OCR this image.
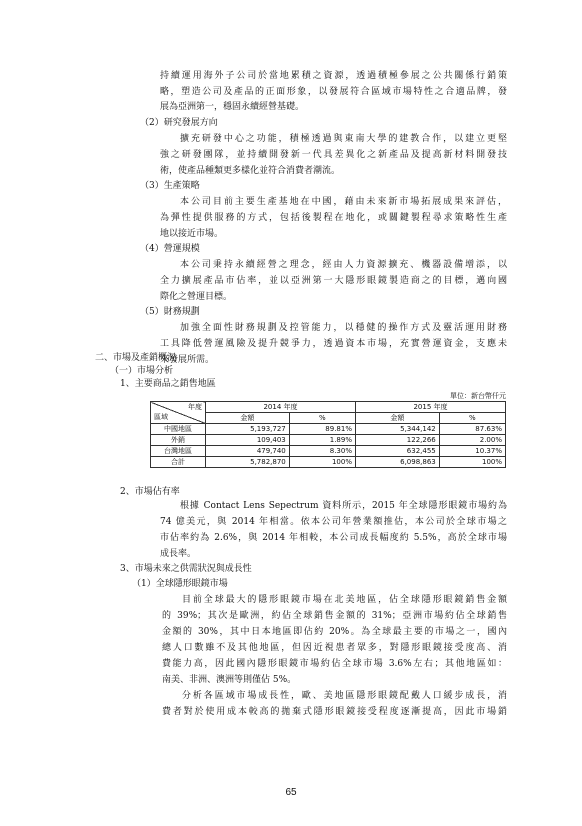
持續運用海外子公司於當地累積之資源，透過積極參展之公共關係行銷策
略，塑造公司及產品的正面形象，以發展符合區域市場特性之合適品牌，發
展為亞洲第一，穩固永續經營基礎。
（2）研究發展方向
擴充研發中心之功能，積極透過與東南大學的建教合作，以建立更堅
強之研發團隊，並持續開發新一代具差異化之新產品及提高新材料開發技
術，使產品種類更多樣化並符合消費者潮流。
（3）生產策略
本公司目前主要生產基地在中國，藉由未來新市場拓展成果來評估，
為彈性提供服務的方式，包括後製程在地化，或關鍵製程尋求策略性生產
地以接近市場。
（4）營運規模
本公司秉持永續經營之理念，經由人力資源擴充、機器設備增添，以
全力擴展產品市佔率，並以亞洲第一大隱形眼鏡製造商之的目標，邁向國
際化之營運目標。
（5）財務規劃
加強全面性財務規劃及控管能力，以穩健的操作方式及靈活運用財務
工具降低營運風險及提升競爭力，透過資本市場，充實營運資金，支應未
來發展所需。
二、市場及產銷概況
（一）市場分析
1、主要商品之銷售地區
單位：新台幣仟元
年度
區域	2014 年度		2015 年度	
	金額	%	金額	%
中國地區	5,193,727	89.81%	5,344,142	87.63%
外銷	109,403	1.89%	122,266	2.00%
台灣地區	479,740	8.30%	632,455	10.37%
合計	5,782,870	100%	6,098,863	100%
2、市場佔有率
根據 Contact Lens Sepectrum 資料所示，2015 年全球隱形眼鏡市場約為
74 億美元，與 2014 年相當。依本公司年營業額推估，本公司於全球市場之
市佔率約為 2.6%，與 2014 年相較，本公司成長幅度約 5.5%，高於全球市場
成長率。
3、市場未來之供需狀況與成長性
（1）全球隱形眼鏡市場
目前全球最大的隱形眼鏡市場在北美地區，佔全球隱形眼鏡銷售金額
的 39%；其次是歐洲，約佔全球銷售金額的 31%；亞洲市場約佔全球銷售
金額的 30%，其中日本地區即佔約 20%。為全球最主要的市場之一，國內
總人口數雖不及其他地區，但因近視患者眾多，對隱形眼鏡接受度高、消
費能力高，因此國內隱形眼鏡市場約佔全球市場 3.6%左右；其他地區如：
南美、非洲、澳洲等則僅佔 5%。
分析各區域市場成長性，歐、美地區隱形眼鏡配戴人口緩步成長，消
費者對於使用成本較高的拋棄式隱形眼鏡接受程度逐漸提高，因此市場銷
65
